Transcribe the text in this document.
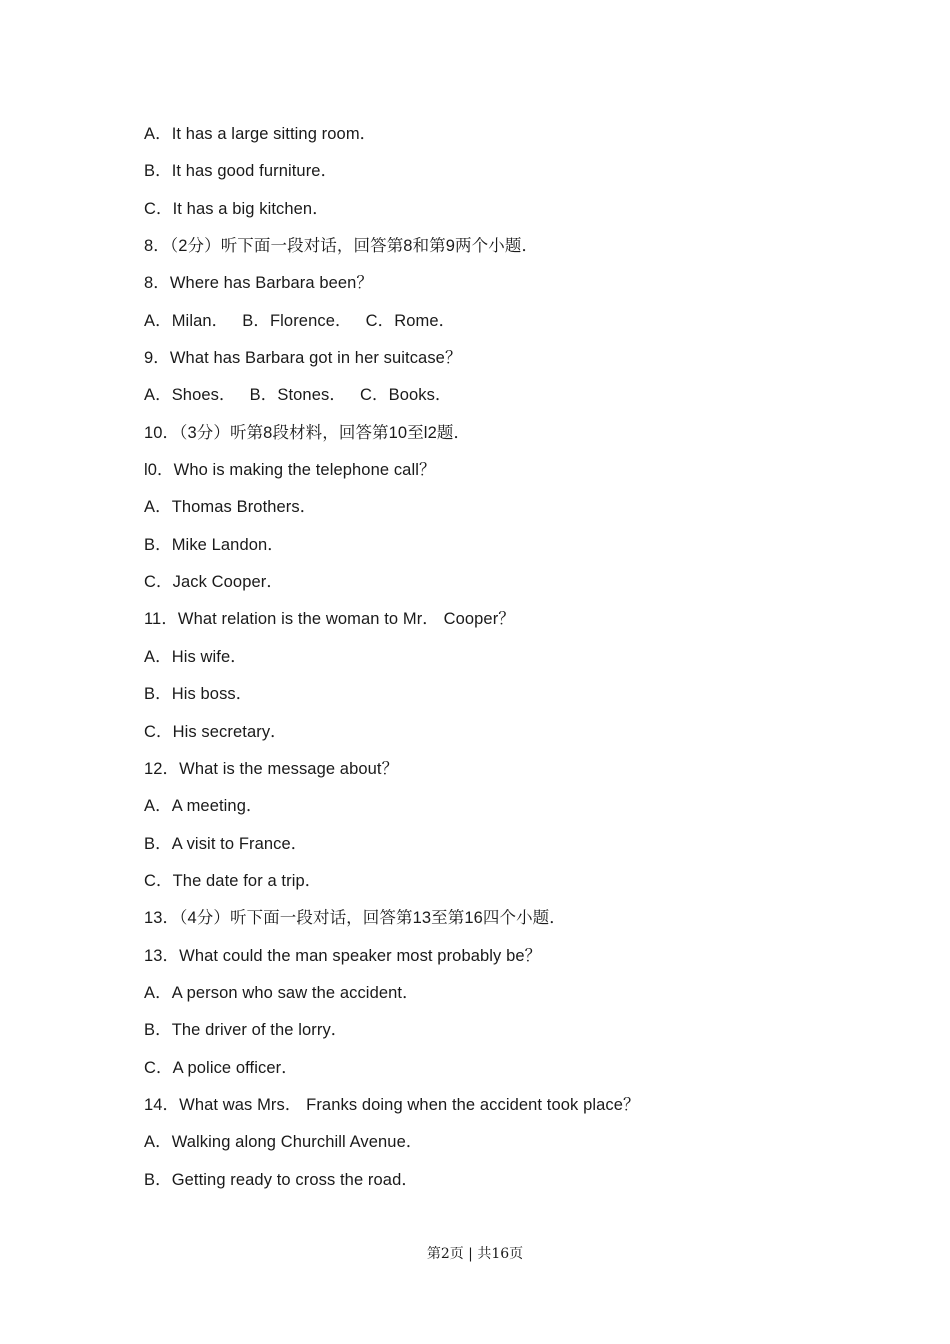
A．It has a large sitting room．
B．It has good furniture．
C．It has a big kitchen．
8．（2分）听下面一段对话，回答第8和第9两个小题．
8．Where has Barbara been？
A．Milan．   B．Florence．   C．Rome．
9．What has Barbara got in her suitcase？
A．Shoes．   B．Stones．   C．Books．
10．（3分）听第8段材料，回答第10至l2题．
l0．Who is making the telephone call？
A．Thomas Brothers．
B．Mike Landon．
C．Jack Cooper．
11．What relation is the woman to Mr． Cooper？
A．His wife．
B．His boss．
C．His secretary．
12．What is the message about？
A．A meeting．
B．A visit to France．
C．The date for a trip．
13．（4分）听下面一段对话，回答第13至第16四个小题．
13．What could the man speaker most probably be？
A．A person who saw the accident．
B．The driver of the lorry．
C．A police officer．
14．What was Mrs． Franks doing when the accident took place？
A．Walking along Churchill Avenue．
B．Getting ready to cross the road．
第2页 | 共16页
